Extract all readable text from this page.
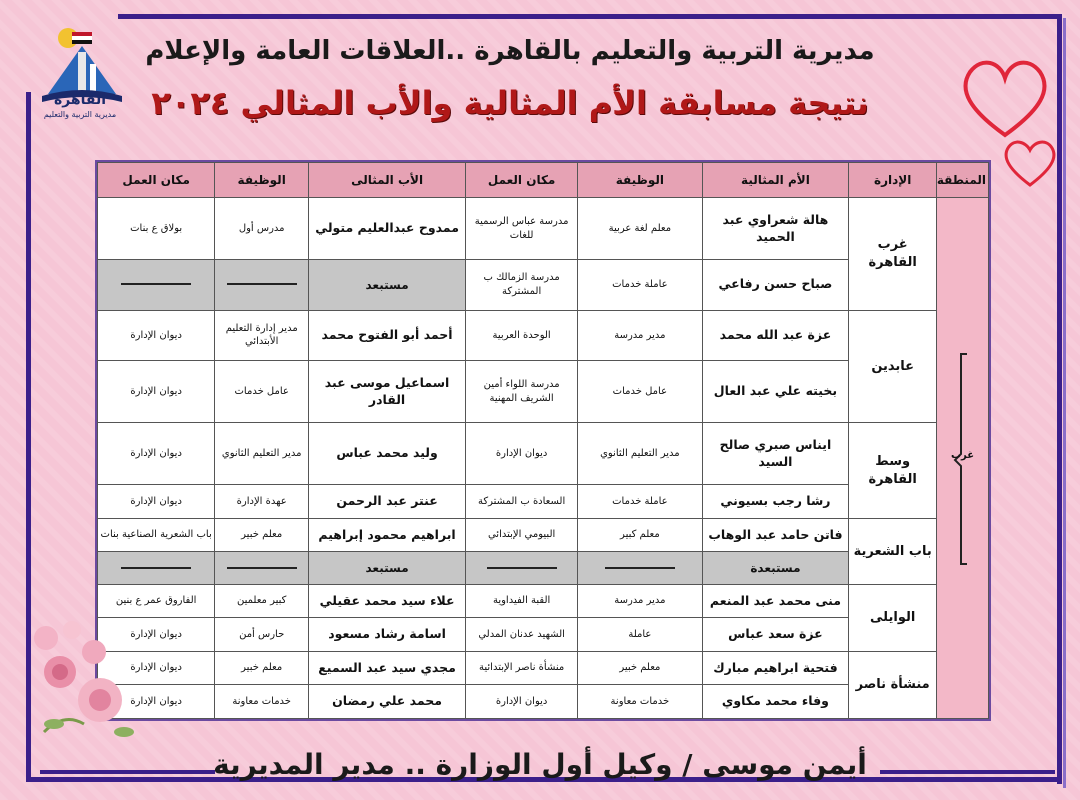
القاهرة
مديرية التربية والتعليم
مديرية التربية والتعليم بالقاهرة ..العلاقات العامة والإعلام
نتيجة مسابقة الأم المثالية والأب المثالي ٢٠٢٤
المنطقة	الإدارة	الأم المثالية	الوظيفة	مكان العمل	الأب المثالى	الوظيفة	مكان العمل

غرب	غرب القاهرة	هالة شعراوي عبد الحميد	معلم لغة عربية	مدرسة عباس الرسمية للغات	ممدوح عبدالعليم متولي	مدرس أول	بولاق ع بنات
		صباح حسن رفاعي	عاملة خدمات	مدرسة الزمالك ب المشتركة	مستبعد		
	عابدين	عزة عبد الله محمد	مدير مدرسة	الوحدة العربية	أحمد أبو الفتوح محمد	مدير إدارة التعليم الأبتدائي	ديوان الإدارة
		بخيته علي عبد العال	عامل خدمات	مدرسة اللواء أمين الشريف المهنية	اسماعيل موسى عبد القادر	عامل خدمات	ديوان الإدارة
	وسط القاهرة	ايناس صبري صالح السيد	مدير التعليم الثانوي	ديوان الإدارة	وليد محمد عباس	مدير التعليم الثانوي	ديوان الإدارة
		رشا رجب بسيوني	عاملة خدمات	السعادة ب المشتركة	عنتر عبد الرحمن	عهدة الإدارة	ديوان الإدارة
	باب الشعرية	فاتن حامد عبد الوهاب	معلم كبير	البيومي الإبتدائي	ابراهيم محمود إبراهيم	معلم خبير	باب الشعرية الصناعية بنات
		مستبعدة			مستبعد		
	الوايلى	منى محمد عبد المنعم	مدير مدرسة	القبة الفيداوية	علاء سيد محمد عقيلي	كبير معلمين	الفاروق عمر ع بنين
		عزة سعد عباس	عاملة	الشهيد عدنان المدلي	اسامة رشاد مسعود	حارس أمن	ديوان الإدارة
	منشأة ناصر	فتحية ابراهيم مبارك	معلم خبير	منشأة ناصر الإبتدائية	مجدي سيد عبد السميع	معلم خبير	ديوان الإدارة
		وفاء محمد مكاوي	خدمات معاونة	ديوان الإدارة	محمد علي رمضان	خدمات معاونة	ديوان الإدارة
أيمن موسى / وكيل أول الوزارة .. مدير المديرية
